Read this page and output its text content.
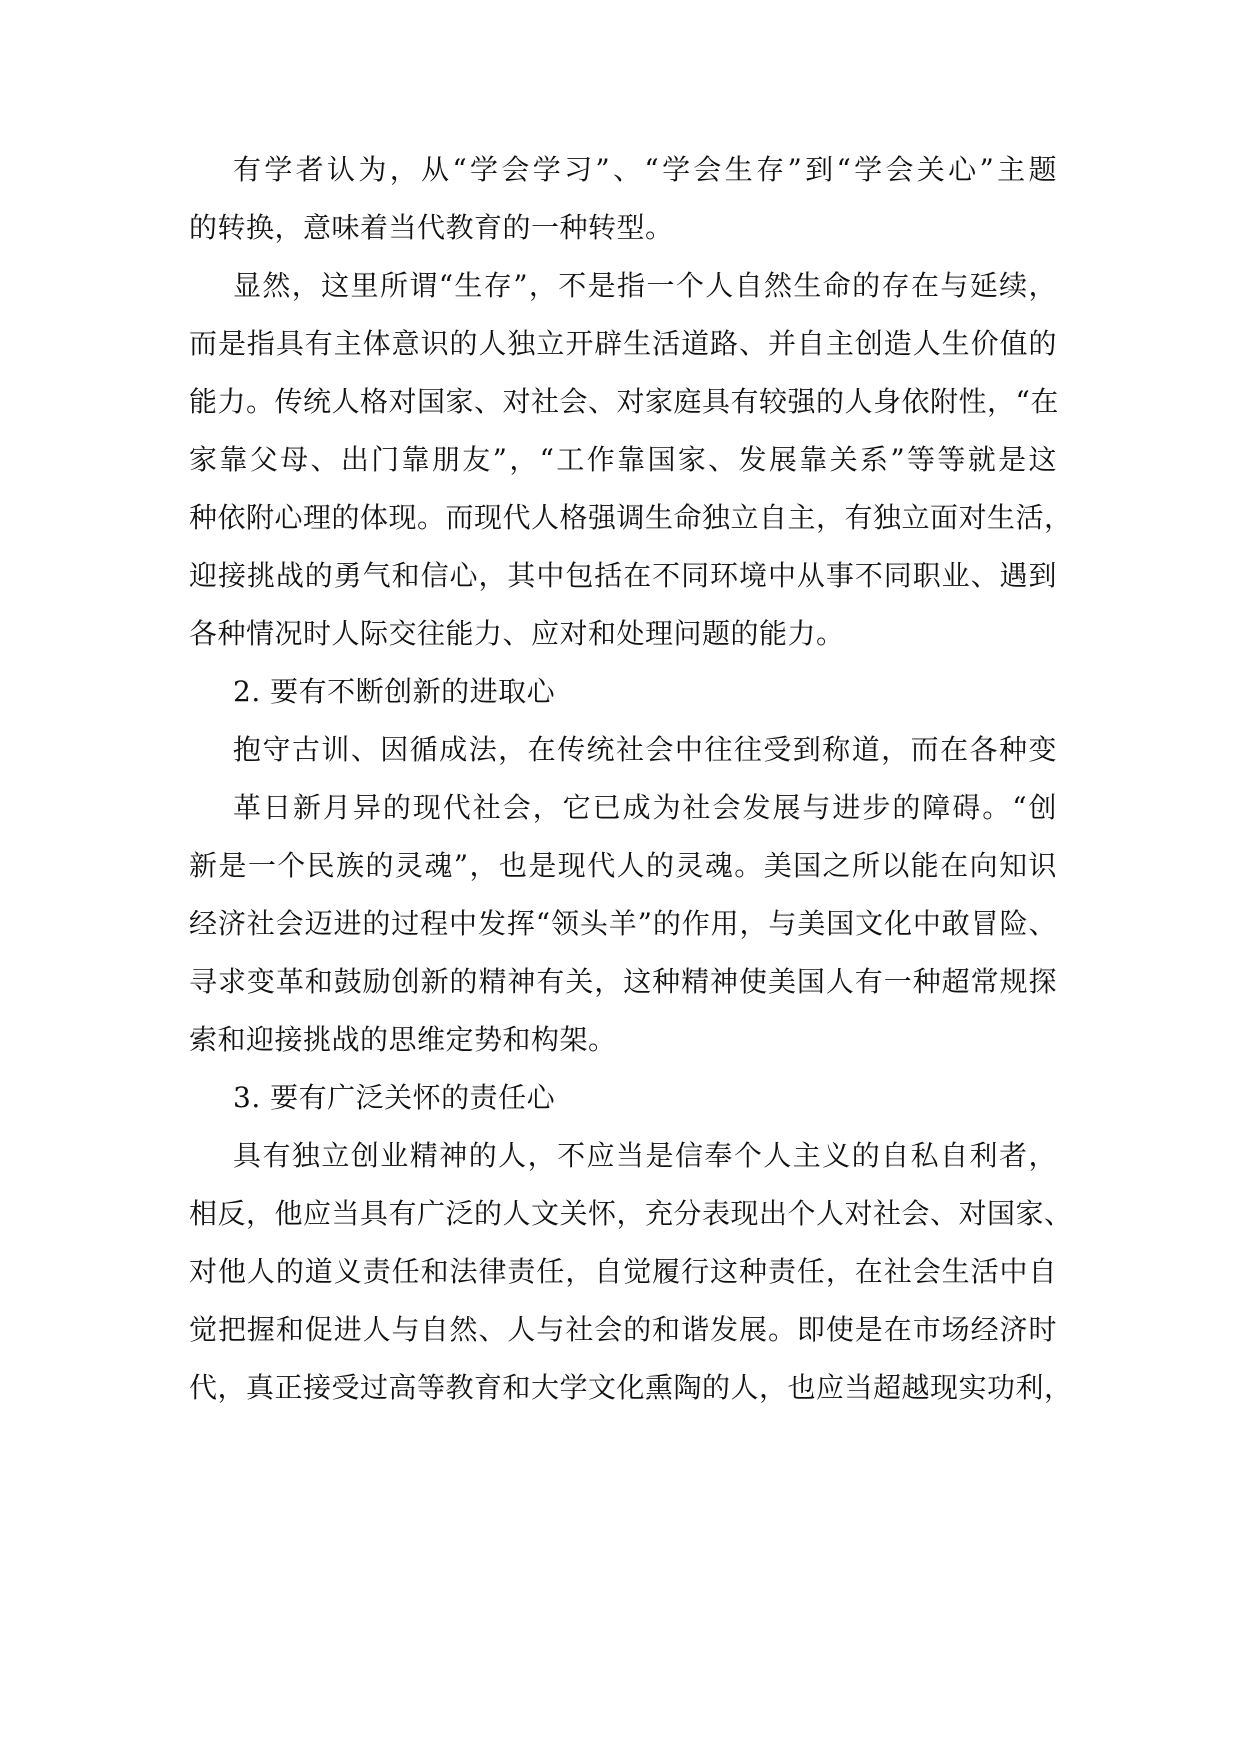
有学者认为，从“学会学习”、“学会生存”到“学会关心”主题
的转换，意味着当代教育的一种转型。
显然，这里所谓“生存”，不是指一个人自然生命的存在与延续，
而是指具有主体意识的人独立开辟生活道路、并自主创造人生价值的
能力。传统人格对国家、对社会、对家庭具有较强的人身依附性，“在
家靠父母、出门靠朋友”，“工作靠国家、发展靠关系”等等就是这
种依附心理的体现。而现代人格强调生命独立自主，有独立面对生活，
迎接挑战的勇气和信心，其中包括在不同环境中从事不同职业、遇到
各种情况时人际交往能力、应对和处理问题的能力。
2. 要有不断创新的进取心
抱守古训、因循成法，在传统社会中往往受到称道，而在各种变
革日新月异的现代社会，它已成为社会发展与进步的障碍。“创
新是一个民族的灵魂”，也是现代人的灵魂。美国之所以能在向知识
经济社会迈进的过程中发挥“领头羊”的作用，与美国文化中敢冒险、
寻求变革和鼓励创新的精神有关，这种精神使美国人有一种超常规探
索和迎接挑战的思维定势和构架。
3. 要有广泛关怀的责任心
具有独立创业精神的人，不应当是信奉个人主义的自私自利者，
相反，他应当具有广泛的人文关怀，充分表现出个人对社会、对国家、
对他人的道义责任和法律责任，自觉履行这种责任，在社会生活中自
觉把握和促进人与自然、人与社会的和谐发展。即使是在市场经济时
代，真正接受过高等教育和大学文化熏陶的人，也应当超越现实功利，
